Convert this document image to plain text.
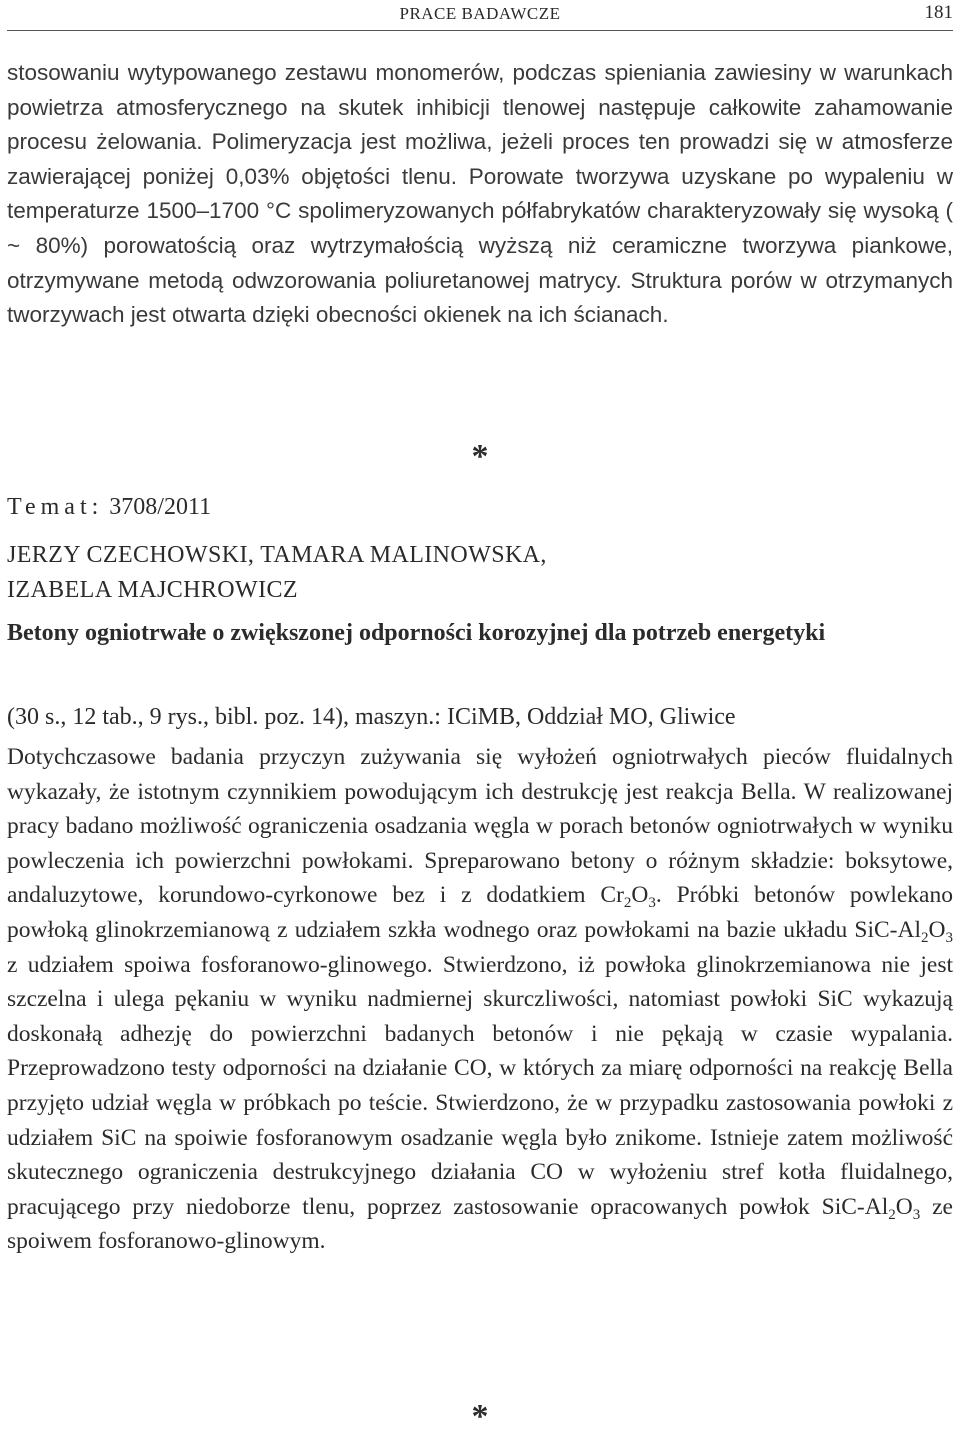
PRACE BADAWCZE	181
stosowaniu wytypowanego zestawu monomerów, podczas spieniania zawiesiny w warunkach powietrza atmosferycznego na skutek inhibicji tlenowej następuje całkowite zahamowanie procesu żelowania. Polimeryzacja jest możliwa, jeżeli proces ten prowadzi się w atmosferze zawierającej poniżej 0,03% objętości tlenu. Porowate tworzywa uzyskane po wypaleniu w temperaturze 1500–1700 °C spolimeryzowanych półfabrykatów charakteryzowały się wysoką ( ~ 80%) porowatością oraz wytrzymałością wyższą niż ceramiczne tworzywa piankowe, otrzymywane metodą odwzorowania poliuretanowej matrycy. Struktura porów w otrzymanych tworzywach jest otwarta dzięki obecności okienek na ich ścianach.
*
Temat: 3708/2011
JERZY CZECHOWSKI, TAMARA MALINOWSKA,
IZABELA MAJCHROWICZ
Betony ogniotrwałe o zwiększonej odporności korozyjnej dla potrzeb energetyki
(30 s., 12 tab., 9 rys., bibl. poz. 14), maszyn.: ICiMB, Oddział MO, Gliwice
Dotychczasowe badania przyczyn zużywania się wyłożeń ogniotrwałych pieców fluidalnych wykazały, że istotnym czynnikiem powodującym ich destrukcję jest reakcja Bella. W realizowanej pracy badano możliwość ograniczenia osadzania węgla w porach betonów ogniotrwałych w wyniku powleczenia ich powierzchni powłokami. Spreparowano betony o różnym składzie: boksytowe, andaluzytowe, korundowo-cyrkonowe bez i z dodatkiem $Cr_2O_3$. Próbki betonów powlekano powłoką glinokrzemianową z udziałem szkła wodnego oraz powłokami na bazie układu SiC-$Al_2O_3$ z udziałem spoiwa fosforanowo-glinowego. Stwierdzono, iż powłoka glinokrzemianowa nie jest szczelna i ulega pękaniu w wyniku nadmiernej skurczliwości, natomiast powłoki SiC wykazują doskonałą adhezję do powierzchni badanych betonów i nie pękają w czasie wypalania. Przeprowadzono testy odporności na działanie CO, w których za miarę odporności na reakcję Bella przyjęto udział węgla w próbkach po teście. Stwierdzono, że w przypadku zastosowania powłoki z udziałem SiC na spoiwie fosforanowym osadzanie węgla było znikome. Istnieje zatem możliwość skutecznego ograniczenia destrukcyjnego działania CO w wyłożeniu stref kotła fluidalnego, pracującego przy niedoborze tlenu, poprzez zastosowanie opracowanych powłok SiC-$Al_2O_3$ ze spoiwem fosforanowo-glinowym.
*
